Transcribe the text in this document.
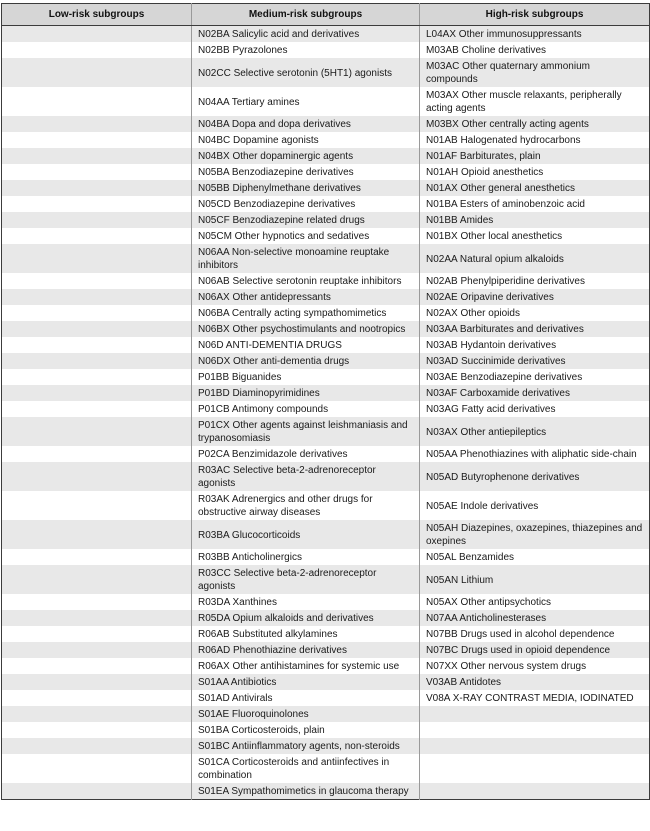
Low-risk subgroups	Medium-risk subgroups	High-risk subgroups
	N02BA Salicylic acid and derivatives	L04AX Other immunosuppressants
	N02BB Pyrazolones	M03AB Choline derivatives
	N02CC Selective serotonin (5HT1) agonists	M03AC Other quaternary ammonium compounds
	N04AA Tertiary amines	M03AX Other muscle relaxants, peripherally acting agents
	N04BA Dopa and dopa derivatives	M03BX Other centrally acting agents
	N04BC Dopamine agonists	N01AB Halogenated hydrocarbons
	N04BX Other dopaminergic agents	N01AF Barbiturates, plain
	N05BA Benzodiazepine derivatives	N01AH Opioid anesthetics
	N05BB Diphenylmethane derivatives	N01AX Other general anesthetics
	N05CD Benzodiazepine derivatives	N01BA Esters of aminobenzoic acid
	N05CF Benzodiazepine related drugs	N01BB Amides
	N05CM Other hypnotics and sedatives	N01BX Other local anesthetics
	N06AA Non-selective monoamine reuptake inhibitors	N02AA Natural opium alkaloids
	N06AB Selective serotonin reuptake inhibitors	N02AB Phenylpiperidine derivatives
	N06AX Other antidepressants	N02AE Oripavine derivatives
	N06BA Centrally acting sympathomimetics	N02AX Other opioids
	N06BX Other psychostimulants and nootropics	N03AA Barbiturates and derivatives
	N06D ANTI-DEMENTIA DRUGS	N03AB Hydantoin derivatives
	N06DX Other anti-dementia drugs	N03AD Succinimide derivatives
	P01BB Biguanides	N03AE Benzodiazepine derivatives
	P01BD Diaminopyrimidines	N03AF Carboxamide derivatives
	P01CB Antimony compounds	N03AG Fatty acid derivatives
	P01CX Other agents against leishmaniasis and trypanosomiasis	N03AX Other antiepileptics
	P02CA Benzimidazole derivatives	N05AA Phenothiazines with aliphatic side-chain
	R03AC Selective beta-2-adrenoreceptor agonists	N05AD Butyrophenone derivatives
	R03AK Adrenergics and other drugs for obstructive airway diseases	N05AE Indole derivatives
	R03BA Glucocorticoids	N05AH Diazepines, oxazepines, thiazepines and oxepines
	R03BB Anticholinergics	N05AL Benzamides
	R03CC Selective beta-2-adrenoreceptor agonists	N05AN Lithium
	R03DA Xanthines	N05AX Other antipsychotics
	R05DA Opium alkaloids and derivatives	N07AA Anticholinesterases
	R06AB Substituted alkylamines	N07BB Drugs used in alcohol dependence
	R06AD Phenothiazine derivatives	N07BC Drugs used in opioid dependence
	R06AX Other antihistamines for systemic use	N07XX Other nervous system drugs
	S01AA Antibiotics	V03AB Antidotes
	S01AD Antivirals	V08A X-RAY CONTRAST MEDIA, IODINATED
	S01AE Fluoroquinolones	
	S01BA Corticosteroids, plain	
	S01BC Antiinflammatory agents, non-steroids	
	S01CA Corticosteroids and antiinfectives in combination	
	S01EA Sympathomimetics in glaucoma therapy	
